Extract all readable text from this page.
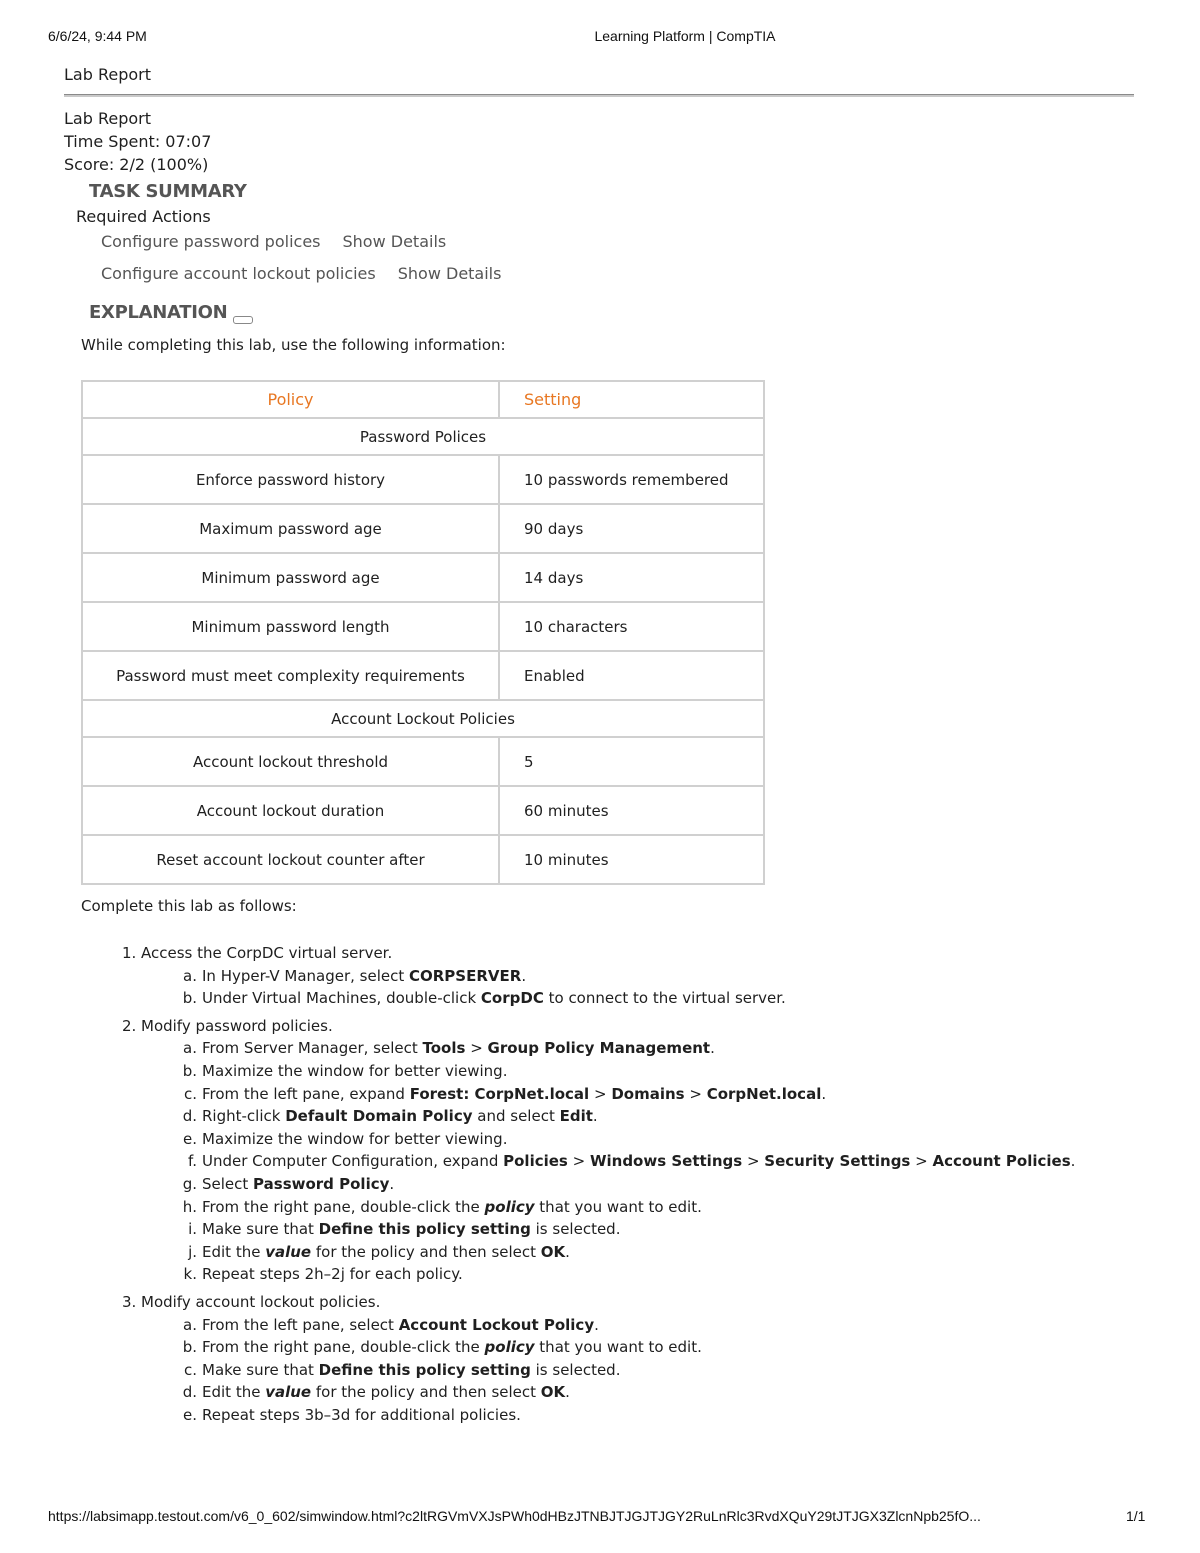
6/6/24, 9:44 PM	Learning Platform | CompTIA
Lab Report
Lab Report
Time Spent: 07:07
Score: 2/2 (100%)
TASK SUMMARY
Required Actions
Configure password polices Show Details
Configure account lockout policies Show Details
EXPLANATION
While completing this lab, use the following information:
Policy	Setting
Password Polices	
Enforce password history	10 passwords remembered
Maximum password age	90 days
Minimum password age	14 days
Minimum password length	10 characters
Password must meet complexity requirements	Enabled
Account Lockout Policies	
Account lockout threshold	5
Account lockout duration	60 minutes
Reset account lockout counter after	10 minutes
Complete this lab as follows:
1. Access the CorpDC virtual server.
a. In Hyper-V Manager, select CORPSERVER.
b. Under Virtual Machines, double-click CorpDC to connect to the virtual server.
2. Modify password policies.
a. From Server Manager, select Tools > Group Policy Management.
b. Maximize the window for better viewing.
c. From the left pane, expand Forest: CorpNet.local > Domains > CorpNet.local.
d. Right-click Default Domain Policy and select Edit.
e. Maximize the window for better viewing.
f. Under Computer Configuration, expand Policies > Windows Settings > Security Settings > Account Policies.
g. Select Password Policy.
h. From the right pane, double-click the policy that you want to edit.
i. Make sure that Define this policy setting is selected.
j. Edit the value for the policy and then select OK.
k. Repeat steps 2h–2j for each policy.
3. Modify account lockout policies.
a. From the left pane, select Account Lockout Policy.
b. From the right pane, double-click the policy that you want to edit.
c. Make sure that Define this policy setting is selected.
d. Edit the value for the policy and then select OK.
e. Repeat steps 3b–3d for additional policies.
https://labsimapp.testout.com/v6_0_602/simwindow.html?c2ltRGVmVXJsPWh0dHBzJTNBJTJGJTJGY2RuLnRlc3RvdXQuY29tJTJGX3ZlcnNpb25fO...	1/1
